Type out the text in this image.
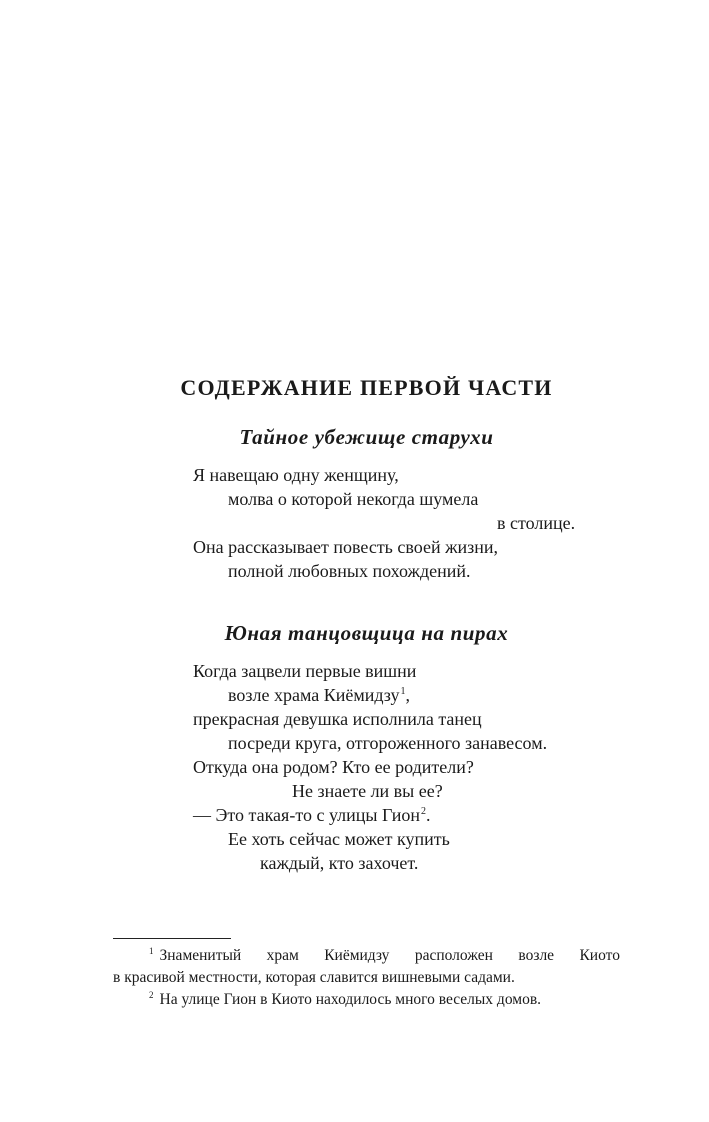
СОДЕРЖАНИЕ ПЕРВОЙ ЧАСТИ
Тайное убежище старухи
Я навещаю одну женщину,
молва о которой некогда шумела
в столице.
Она рассказывает повесть своей жизни,
полной любовных похождений.
Юная танцовщица на пирах
Когда зацвели первые вишни
возле храма Киёмидзу$^1$,
прекрасная девушка исполнила танец
посреди круга, отгороженного занавесом.
Откуда она родом? Кто ее родители?
Не знаете ли вы ее?
— Это такая-то с улицы Гион$^2$.
Ее хоть сейчас может купить
каждый, кто захочет.
$^1$ Знаменитый храм Киёмидзу расположен возле Киото
в красивой местности, которая славится вишневыми садами.
$^2$ На улице Гион в Киото находилось много веселых домов.
